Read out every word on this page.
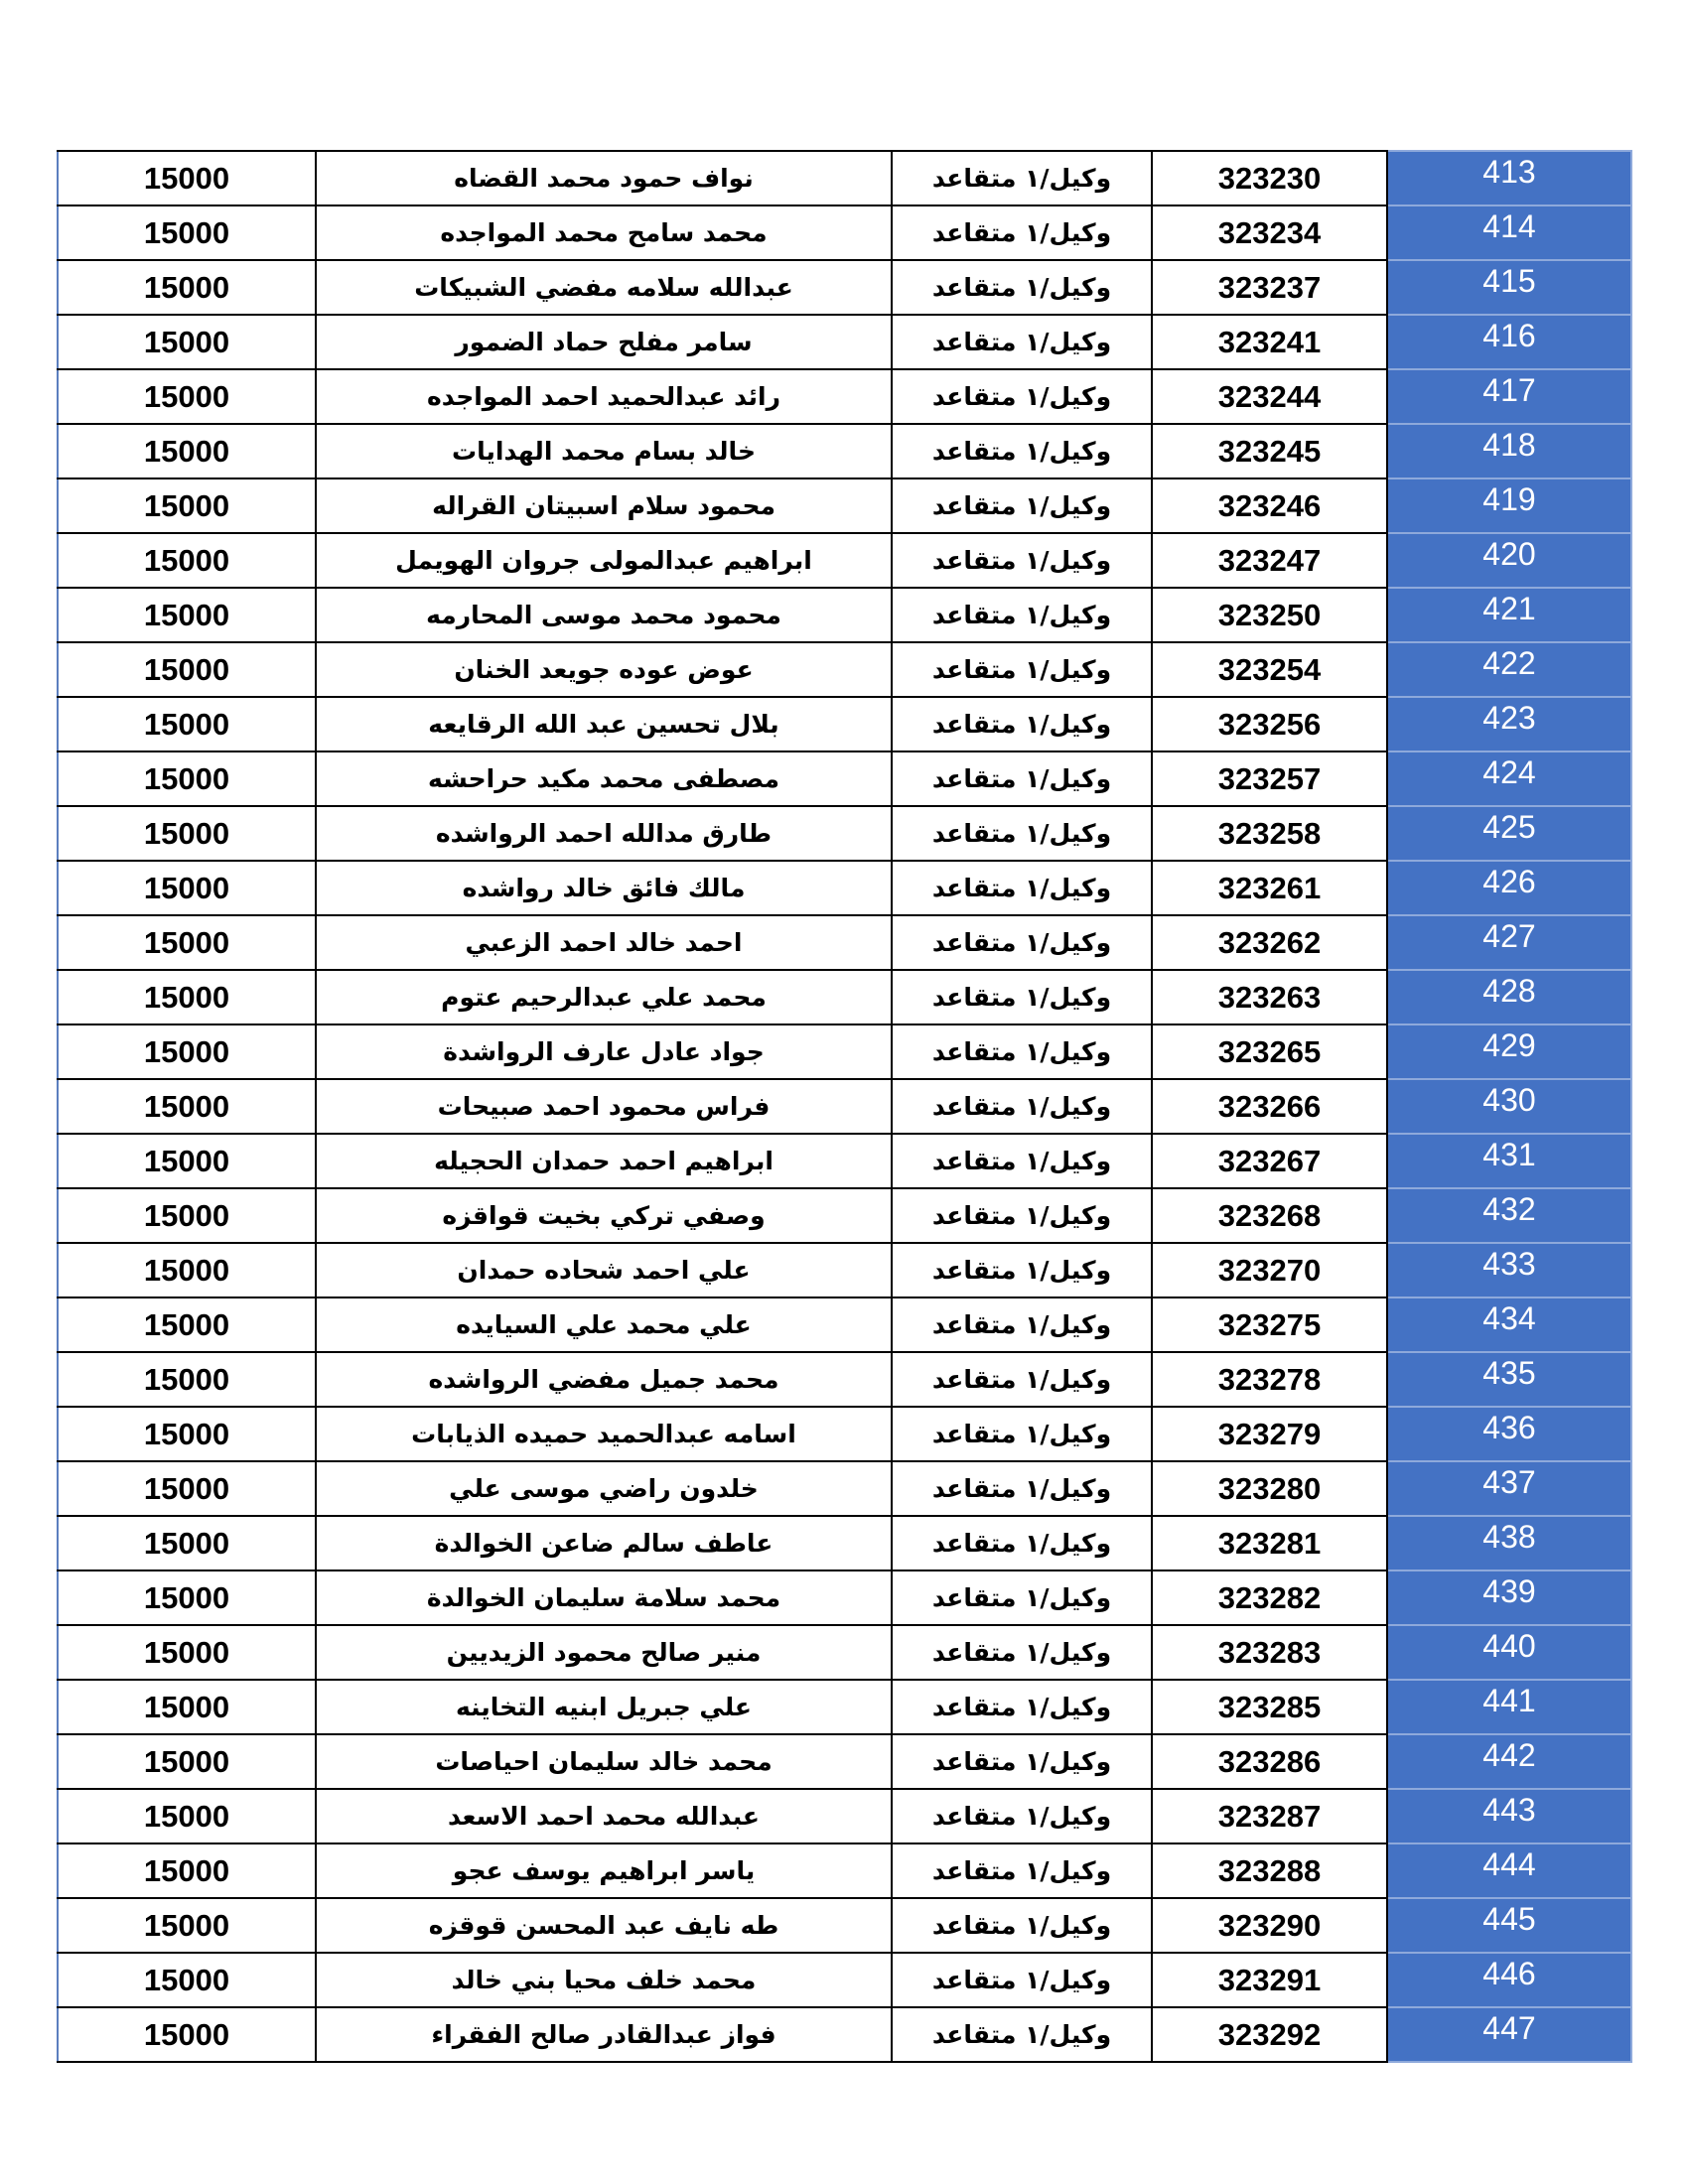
15000	نواف حمود محمد القضاه	وكيل/١ متقاعد	323230	413
15000	محمد سامح محمد المواجده	وكيل/١ متقاعد	323234	414
15000	عبدالله سلامه مفضي الشبيكات	وكيل/١ متقاعد	323237	415
15000	سامر مفلح حماد الضمور	وكيل/١ متقاعد	323241	416
15000	رائد عبدالحميد احمد المواجده	وكيل/١ متقاعد	323244	417
15000	خالد بسام محمد الهدايات	وكيل/١ متقاعد	323245	418
15000	محمود سلام اسبيتان القراله	وكيل/١ متقاعد	323246	419
15000	ابراهيم عبدالمولى جروان الهويمل	وكيل/١ متقاعد	323247	420
15000	محمود محمد موسى المحارمه	وكيل/١ متقاعد	323250	421
15000	عوض عوده جويعد الخنان	وكيل/١ متقاعد	323254	422
15000	بلال تحسين عبد الله الرقايعه	وكيل/١ متقاعد	323256	423
15000	مصطفى محمد مكيد حراحشه	وكيل/١ متقاعد	323257	424
15000	طارق مدالله احمد الرواشده	وكيل/١ متقاعد	323258	425
15000	مالك فائق خالد رواشده	وكيل/١ متقاعد	323261	426
15000	احمد خالد احمد الزعبي	وكيل/١ متقاعد	323262	427
15000	محمد علي عبدالرحيم عتوم	وكيل/١ متقاعد	323263	428
15000	جواد عادل عارف الرواشدة	وكيل/١ متقاعد	323265	429
15000	فراس محمود احمد صبيحات	وكيل/١ متقاعد	323266	430
15000	ابراهيم احمد حمدان الحجيله	وكيل/١ متقاعد	323267	431
15000	وصفي تركي بخيت قواقزه	وكيل/١ متقاعد	323268	432
15000	علي احمد شحاده حمدان	وكيل/١ متقاعد	323270	433
15000	علي محمد علي السيايده	وكيل/١ متقاعد	323275	434
15000	محمد جميل مفضي الرواشده	وكيل/١ متقاعد	323278	435
15000	اسامه عبدالحميد حميده الذيابات	وكيل/١ متقاعد	323279	436
15000	خلدون راضي موسى علي	وكيل/١ متقاعد	323280	437
15000	عاطف سالم ضاعن الخوالدة	وكيل/١ متقاعد	323281	438
15000	محمد سلامة سليمان الخوالدة	وكيل/١ متقاعد	323282	439
15000	منير صالح محمود الزيديين	وكيل/١ متقاعد	323283	440
15000	علي جبريل ابنيه التخاينه	وكيل/١ متقاعد	323285	441
15000	محمد خالد سليمان احياصات	وكيل/١ متقاعد	323286	442
15000	عبدالله محمد احمد الاسعد	وكيل/١ متقاعد	323287	443
15000	ياسر ابراهيم يوسف عجو	وكيل/١ متقاعد	323288	444
15000	طه نايف عبد المحسن قوقزه	وكيل/١ متقاعد	323290	445
15000	محمد خلف محيا بني خالد	وكيل/١ متقاعد	323291	446
15000	فواز عبدالقادر صالح الفقراء	وكيل/١ متقاعد	323292	447
